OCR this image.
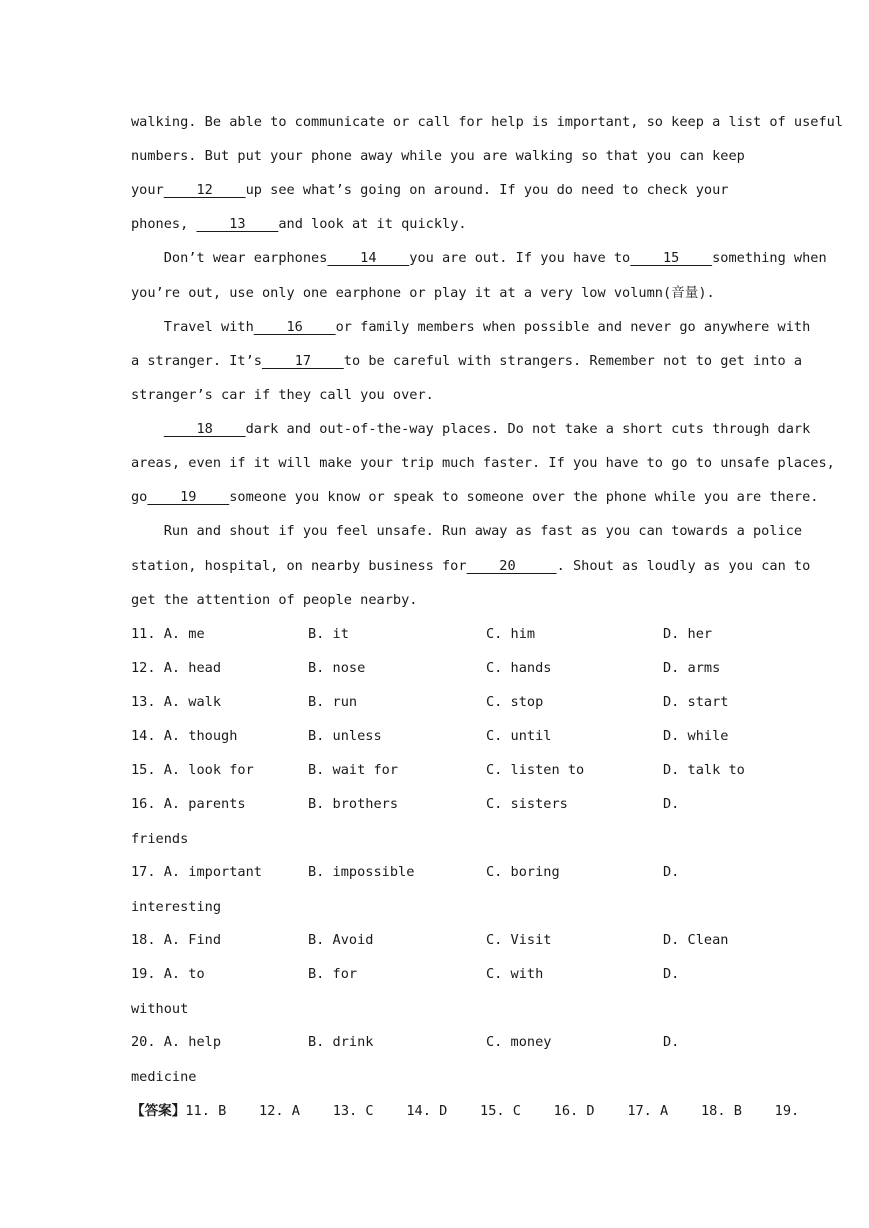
walking. Be able to communicate or call for help is important, so keep a list of useful
numbers. But put your phone away while you are walking so that you can keep
your    12    up see what’s going on around. If you do need to check your
phones,     13    and look at it quickly.
Don’t wear earphones    14    you are out. If you have to    15    something when
you’re out, use only one earphone or play it at a very low volumn(音量).
Travel with    16    or family members when possible and never go anywhere with
a stranger. It’s    17    to be careful with strangers. Remember not to get into a
stranger’s car if they call you over.
18    dark and out-of-the-way places. Do not take a short cuts through dark
areas, even if it will make your trip much faster. If you have to go to unsafe places,
go    19    someone you know or speak to someone over the phone while you are there.
Run and shout if you feel unsafe. Run away as fast as you can towards a police
station, hospital, on nearby business for    20     . Shout as loudly as you can to
get the attention of people nearby.
11. A. me	B. it	C. him	D. her
12. A. head	B. nose	C. hands	D. arms
13. A. walk	B. run	C. stop	D. start
14. A. though	B. unless	C. until	D. while
15. A. look for	B. wait for	C. listen to	D. talk to
16. A. parents	B. brothers	C. sisters	D.
friends
17. A. important	B. impossible	C. boring	D.
interesting
18. A. Find	B. Avoid	C. Visit	D. Clean
19. A. to	B. for	C. with	D.
without
20. A. help	B. drink	C. money	D.
medicine
【答案】11. B    12. A    13. C    14. D    15. C    16. D    17. A    18. B    19.
